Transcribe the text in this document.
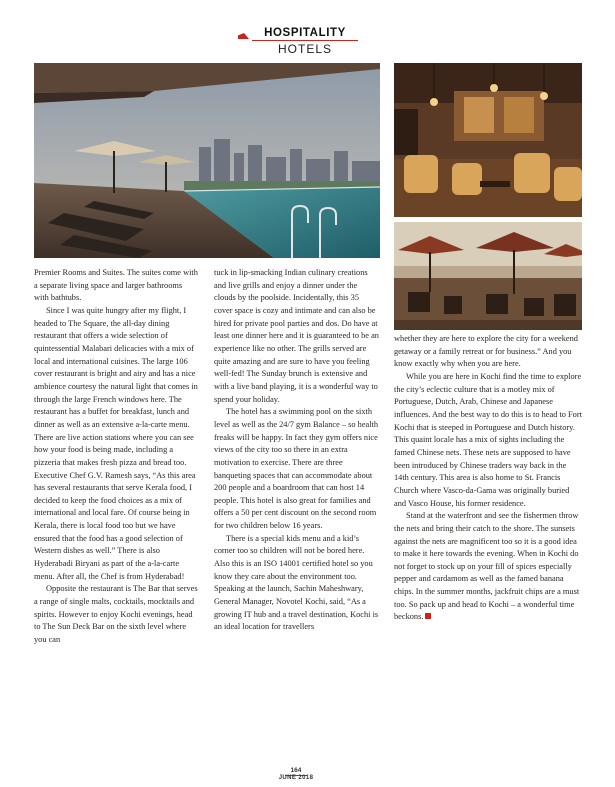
HOSPITALITY
HOTELS

Premier Rooms and Suites. The suites come with a separate living space and larger bathrooms with bathtubs.

Since I was quite hungry after my flight, I headed to The Square, the all-day dining restaurant that offers a wide selection of quintessential Malabari delicacies with a mix of local and international cuisines. The large 106 cover restaurant is bright and airy and has a nice ambience courtesy the natural light that comes in through the large French windows here. The restaurant has a buffet for breakfast, lunch and dinner as well as an extensive a-la-carte menu. There are live action stations where you can see how your food is being made, including a pizzeria that makes fresh pizza and bread too. Executive Chef G.V. Ramesh says, “As this area has several restaurants that serve Kerala food, I decided to keep the food choices as a mix of international and local fare. Of course being in Kerala, there is local food too but we have ensured that the food has a good selection of Western dishes as well.” There is also Hyderabadi Biryani as part of the a-la-carte menu. After all, the Chef is from Hyderabad!

Opposite the restaurant is The Bar that serves a range of single malts, cocktails, mocktails and spirits. However to enjoy Kochi evenings, head to The Sun Deck Bar on the sixth level where you can

tuck in lip-smacking Indian culinary creations and live grills and enjoy a dinner under the clouds by the poolside. Incidentally, this 35 cover space is cozy and intimate and can also be hired for private pool parties and dos. Do have at least one dinner here and it is guaranteed to be an experience like no other. The grills served are quite amazing and are sure to have you feeling well-fed! The Sunday brunch is extensive and with a live band playing, it is a wonderful way to spend your holiday.

The hotel has a swimming pool on the sixth level as well as the 24/7 gym Balance – so health freaks will be happy. In fact they gym offers nice views of the city too so there in an extra motivation to exercise. There are three banqueting spaces that can accommodate about 200 people and a boardroom that can host 14 people. This hotel is also great for families and offers a 50 per cent discount on the second room for two children below 16 years.

There is a special kids menu and a kid’s corner too so children will not be bored here. Also this is an ISO 14001 certified hotel so you know they care about the environment too. Speaking at the launch, Sachin Maheshwary, General Manager, Novotel Kochi, said, “As a growing IT hub and a travel destination, Kochi is an ideal location for travellers

whether they are here to explore the city for a weekend getaway or a family retreat or for business.” And you know exactly why when you are here.

While you are here in Kochi find the time to explore the city’s eclectic culture that is a motley mix of Portuguese, Dutch, Arab, Chinese and Japanese influences. And the best way to do this is to head to Fort Kochi that is steeped in Portuguese and Dutch history. This quaint locale has a mix of sights including the famed Chinese nets. These nets are supposed to have been introduced by Chinese traders way back in the 14th century. This area is also home to St. Francis Church where Vasco-da-Gama was originally buried and Vasco House, his former residence.

Stand at the waterfront and see the fishermen throw the nets and bring their catch to the shore. The sunsets against the nets are magnificent too so it is a good idea to make it here towards the evening. When in Kochi do not forget to stock up on your fill of spices especially pepper and cardamom as well as the famed banana chips. In the summer months, jackfruit chips are a must too. So pack up and head to Kochi – a wonderful time beckons.

164
JUNE 2018
